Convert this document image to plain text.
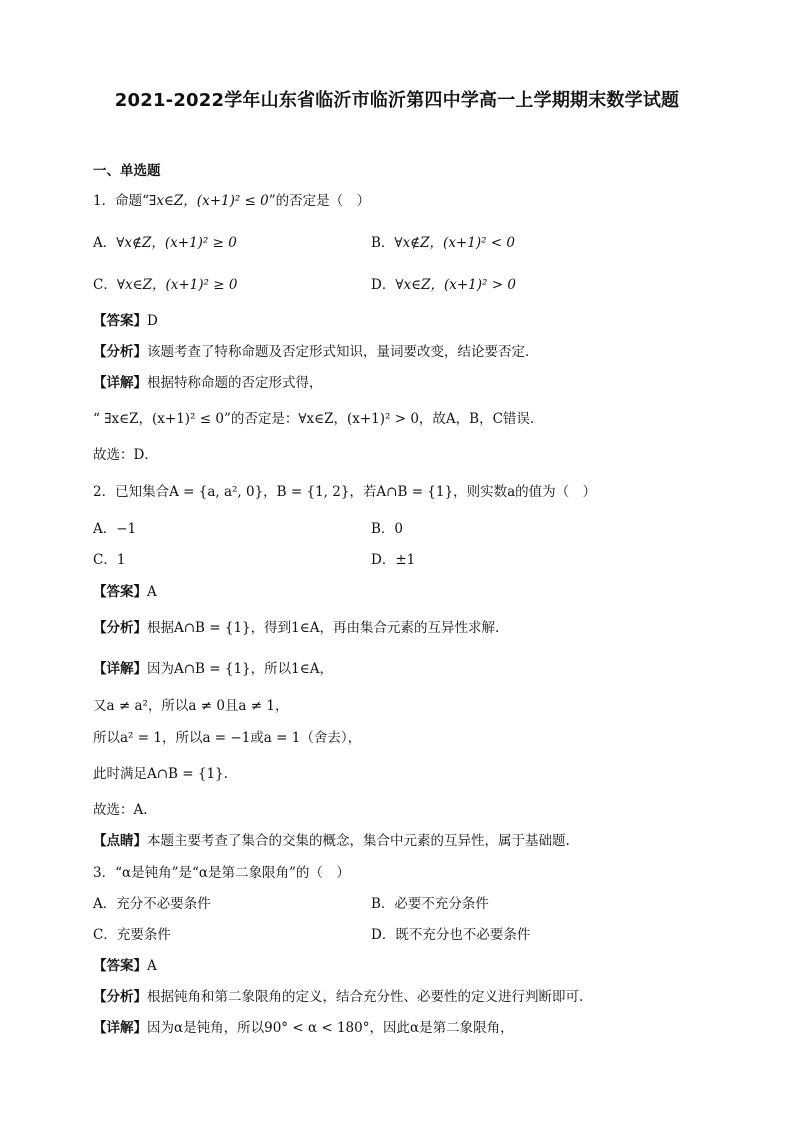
2021-2022学年山东省临沂市临沂第四中学高一上学期期末数学试题
一、单选题
1．命题“∃x∈Z，(x+1)² ≤ 0”的否定是（　）
A．∀x∉Z，(x+1)² ≥ 0	B．∀x∉Z，(x+1)² < 0
C．∀x∈Z，(x+1)² ≥ 0	D．∀x∈Z，(x+1)² > 0
【答案】D
【分析】该题考查了特称命题及否定形式知识，量词要改变，结论要否定．
【详解】根据特称命题的否定形式得，
“ ∃x∈Z，(x+1)² ≤ 0”的否定是：∀x∈Z，(x+1)² > 0，故A，B，C错误.
故选：D．
2．已知集合A = {a, a², 0}，B = {1, 2}，若A∩B = {1}，则实数a的值为（　）
A．−1	B．0
C．1	D．±1
【答案】A
【分析】根据A∩B = {1}，得到1∈A，再由集合元素的互异性求解.
【详解】因为A∩B = {1}，所以1∈A，
又a ≠ a²，所以a ≠ 0且a ≠ 1，
所以a² = 1，所以a = −1或a = 1（舍去），
此时满足A∩B = {1}.
故选：A.
【点睛】本题主要考查了集合的交集的概念，集合中元素的互异性，属于基础题.
3．“α是钝角”是“α是第二象限角”的（　）
A．充分不必要条件	B．必要不充分条件
C．充要条件	D．既不充分也不必要条件
【答案】A
【分析】根据钝角和第二象限角的定义，结合充分性、必要性的定义进行判断即可.
【详解】因为α是钝角，所以90° < α < 180°，因此α是第二象限角，
